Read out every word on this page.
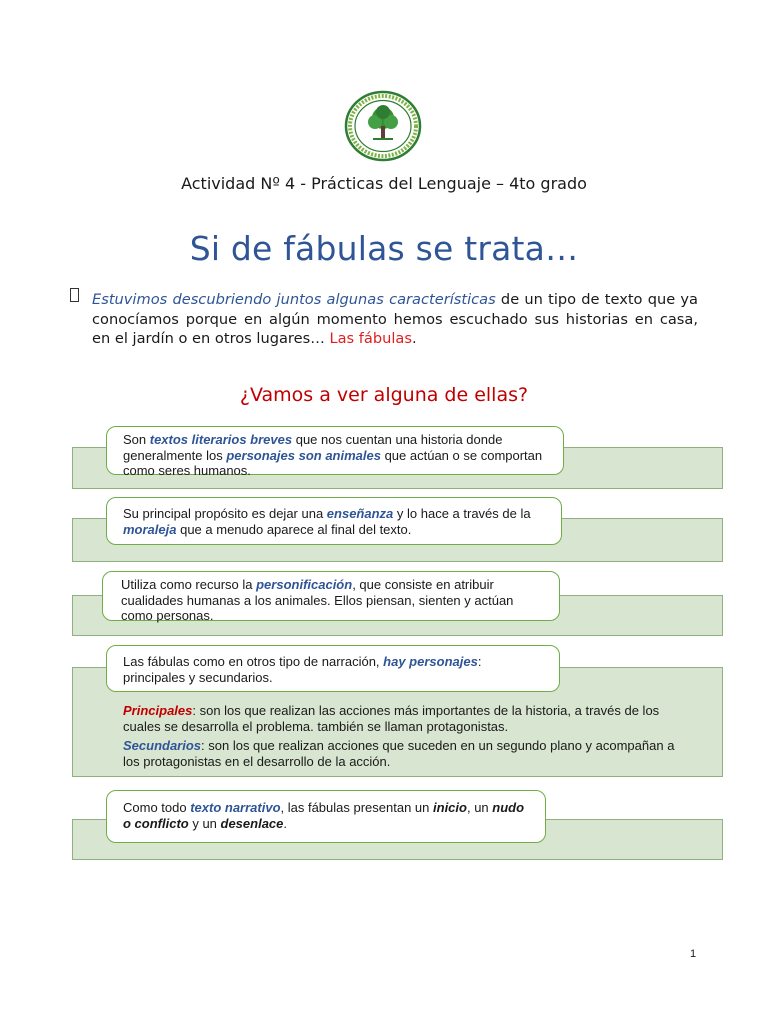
Actividad Nº 4 - Prácticas del Lenguaje – 4to grado
Si de fábulas se trata…
Estuvimos descubriendo juntos algunas características de un tipo de texto que ya conocíamos porque en algún momento hemos escuchado sus historias en casa, en el jardín o en otros lugares… Las fábulas.
¿Vamos a ver alguna de ellas?
Son textos literarios breves que nos cuentan una historia donde generalmente los personajes son animales que actúan o se comportan como seres humanos.
Su principal propósito es dejar una enseñanza y lo hace a través de la moraleja que a menudo aparece al final del texto.
Utiliza como recurso la personificación, que consiste en atribuir cualidades humanas a los animales. Ellos piensan, sienten y actúan como personas.
Las fábulas como en otros tipo de narración, hay personajes: principales y secundarios.
Principales: son los que realizan las acciones más importantes de la historia, a través de los cuales se desarrolla el problema. también se llaman protagonistas.
Secundarios: son los que realizan acciones que suceden en un segundo plano y acompañan a los protagonistas en el desarrollo de la acción.
Como todo texto narrativo, las fábulas presentan un inicio, un nudo o conflicto y un desenlace.
1
